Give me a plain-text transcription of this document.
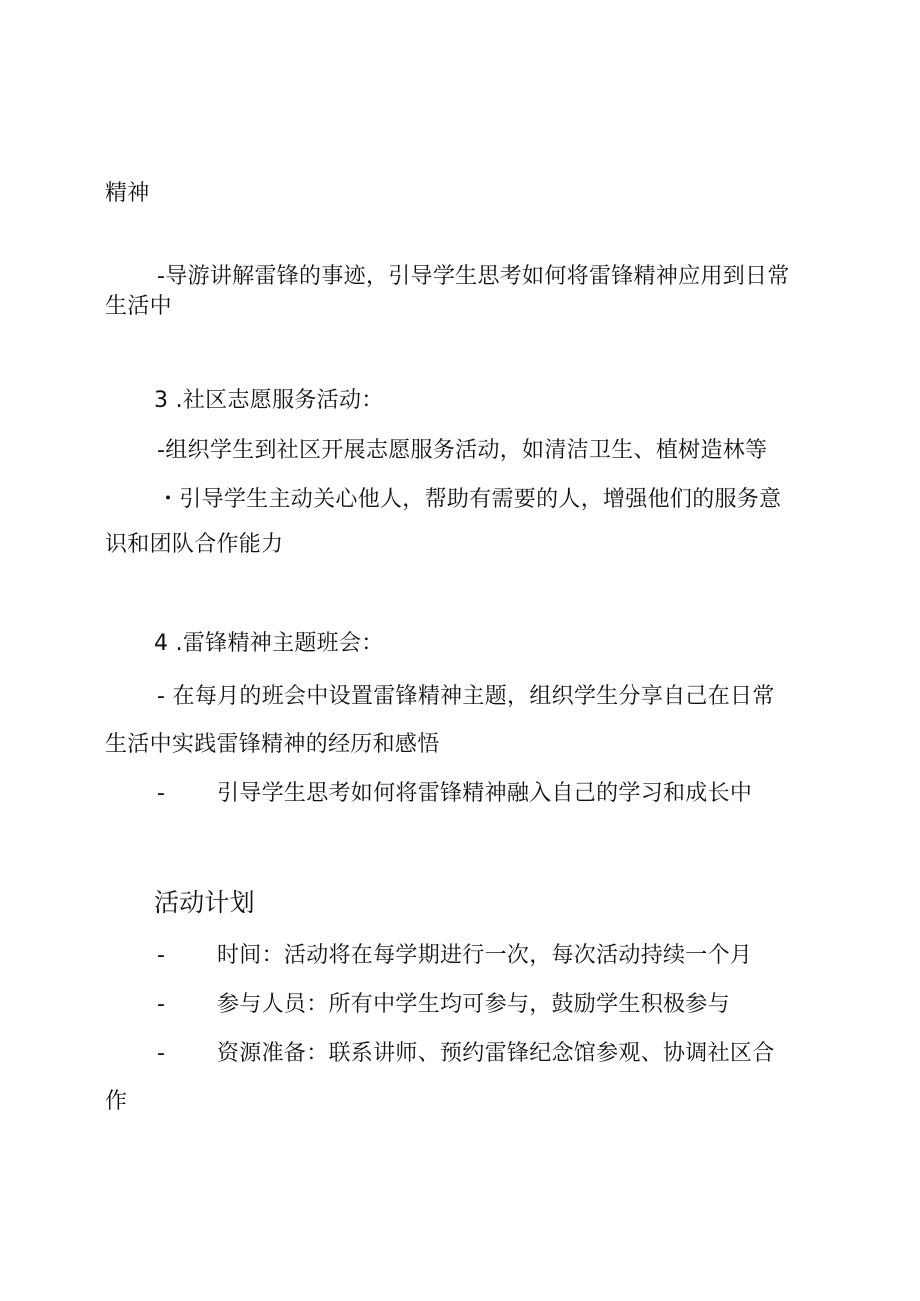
精神
-导游讲解雷锋的事迹，引导学生思考如何将雷锋精神应用到日常
生活中
3 .社区志愿服务活动：
-组织学生到社区开展志愿服务活动，如清洁卫生、植树造林等
・引导学生主动关心他人，帮助有需要的人，增强他们的服务意
识和团队合作能力
4 .雷锋精神主题班会：
- 在每月的班会中设置雷锋精神主题，组织学生分享自己在日常
生活中实践雷锋精神的经历和感悟
- 引导学生思考如何将雷锋精神融入自己的学习和成长中
活动计划
- 时间：活动将在每学期进行一次，每次活动持续一个月
- 参与人员：所有中学生均可参与，鼓励学生积极参与
- 资源准备：联系讲师、预约雷锋纪念馆参观、协调社区合
作
